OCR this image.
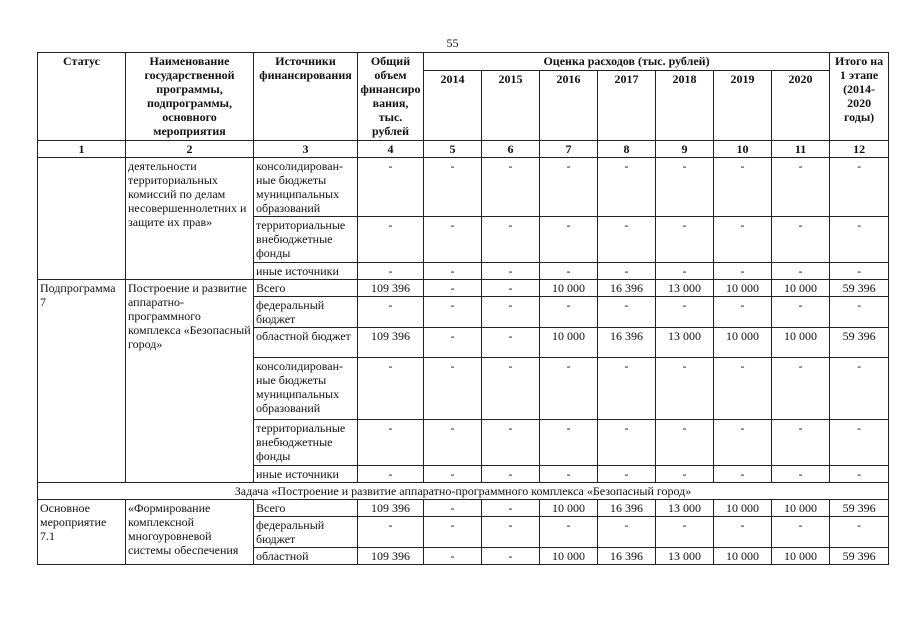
55
Статус	Наименование государственной программы, подпрограммы, основного мероприятия	Источники финансирования	Общий объем финансиро вания, тыс. рублей	Оценка расходов (тыс. рублей)							Итого на 1 этапе (2014-2020 годы)
				2014	2015	2016	2017	2018	2019	2020	
1	2	3	4	5	6	7	8	9	10	11	12
	деятельности территориальных комиссий по делам несовершеннолетних и защите их прав»	консолидирован-ные бюджеты муниципальных образований	-	-	-	-	-	-	-	-	-
		территориальные внебюджетные фонды	-	-	-	-	-	-	-	-	-
		иные источники	-	-	-	-	-	-	-	-	-
Подпрограмма 7	Построение и развитие аппаратно-программного комплекса «Безопасный город»	Всего	109 396	-	-	10 000	16 396	13 000	10 000	10 000	59 396
		федеральный бюджет	-	-	-	-	-	-	-	-	-
		областной бюджет	109 396	-	-	10 000	16 396	13 000	10 000	10 000	59 396
		консолидирован-ные бюджеты муниципальных образований	-	-	-	-	-	-	-	-	-
		территориальные внебюджетные фонды	-	-	-	-	-	-	-	-	-
		иные источники	-	-	-	-	-	-	-	-	-
Задача «Построение и развитие аппаратно-программного комплекса «Безопасный город»											
Основное мероприятие 7.1	«Формирование комплексной многоуровневой системы обеспечения	Всего	109 396	-	-	10 000	16 396	13 000	10 000	10 000	59 396
		федеральный бюджет	-	-	-	-	-	-	-	-	-
		областной	109 396	-	-	10 000	16 396	13 000	10 000	10 000	59 396
